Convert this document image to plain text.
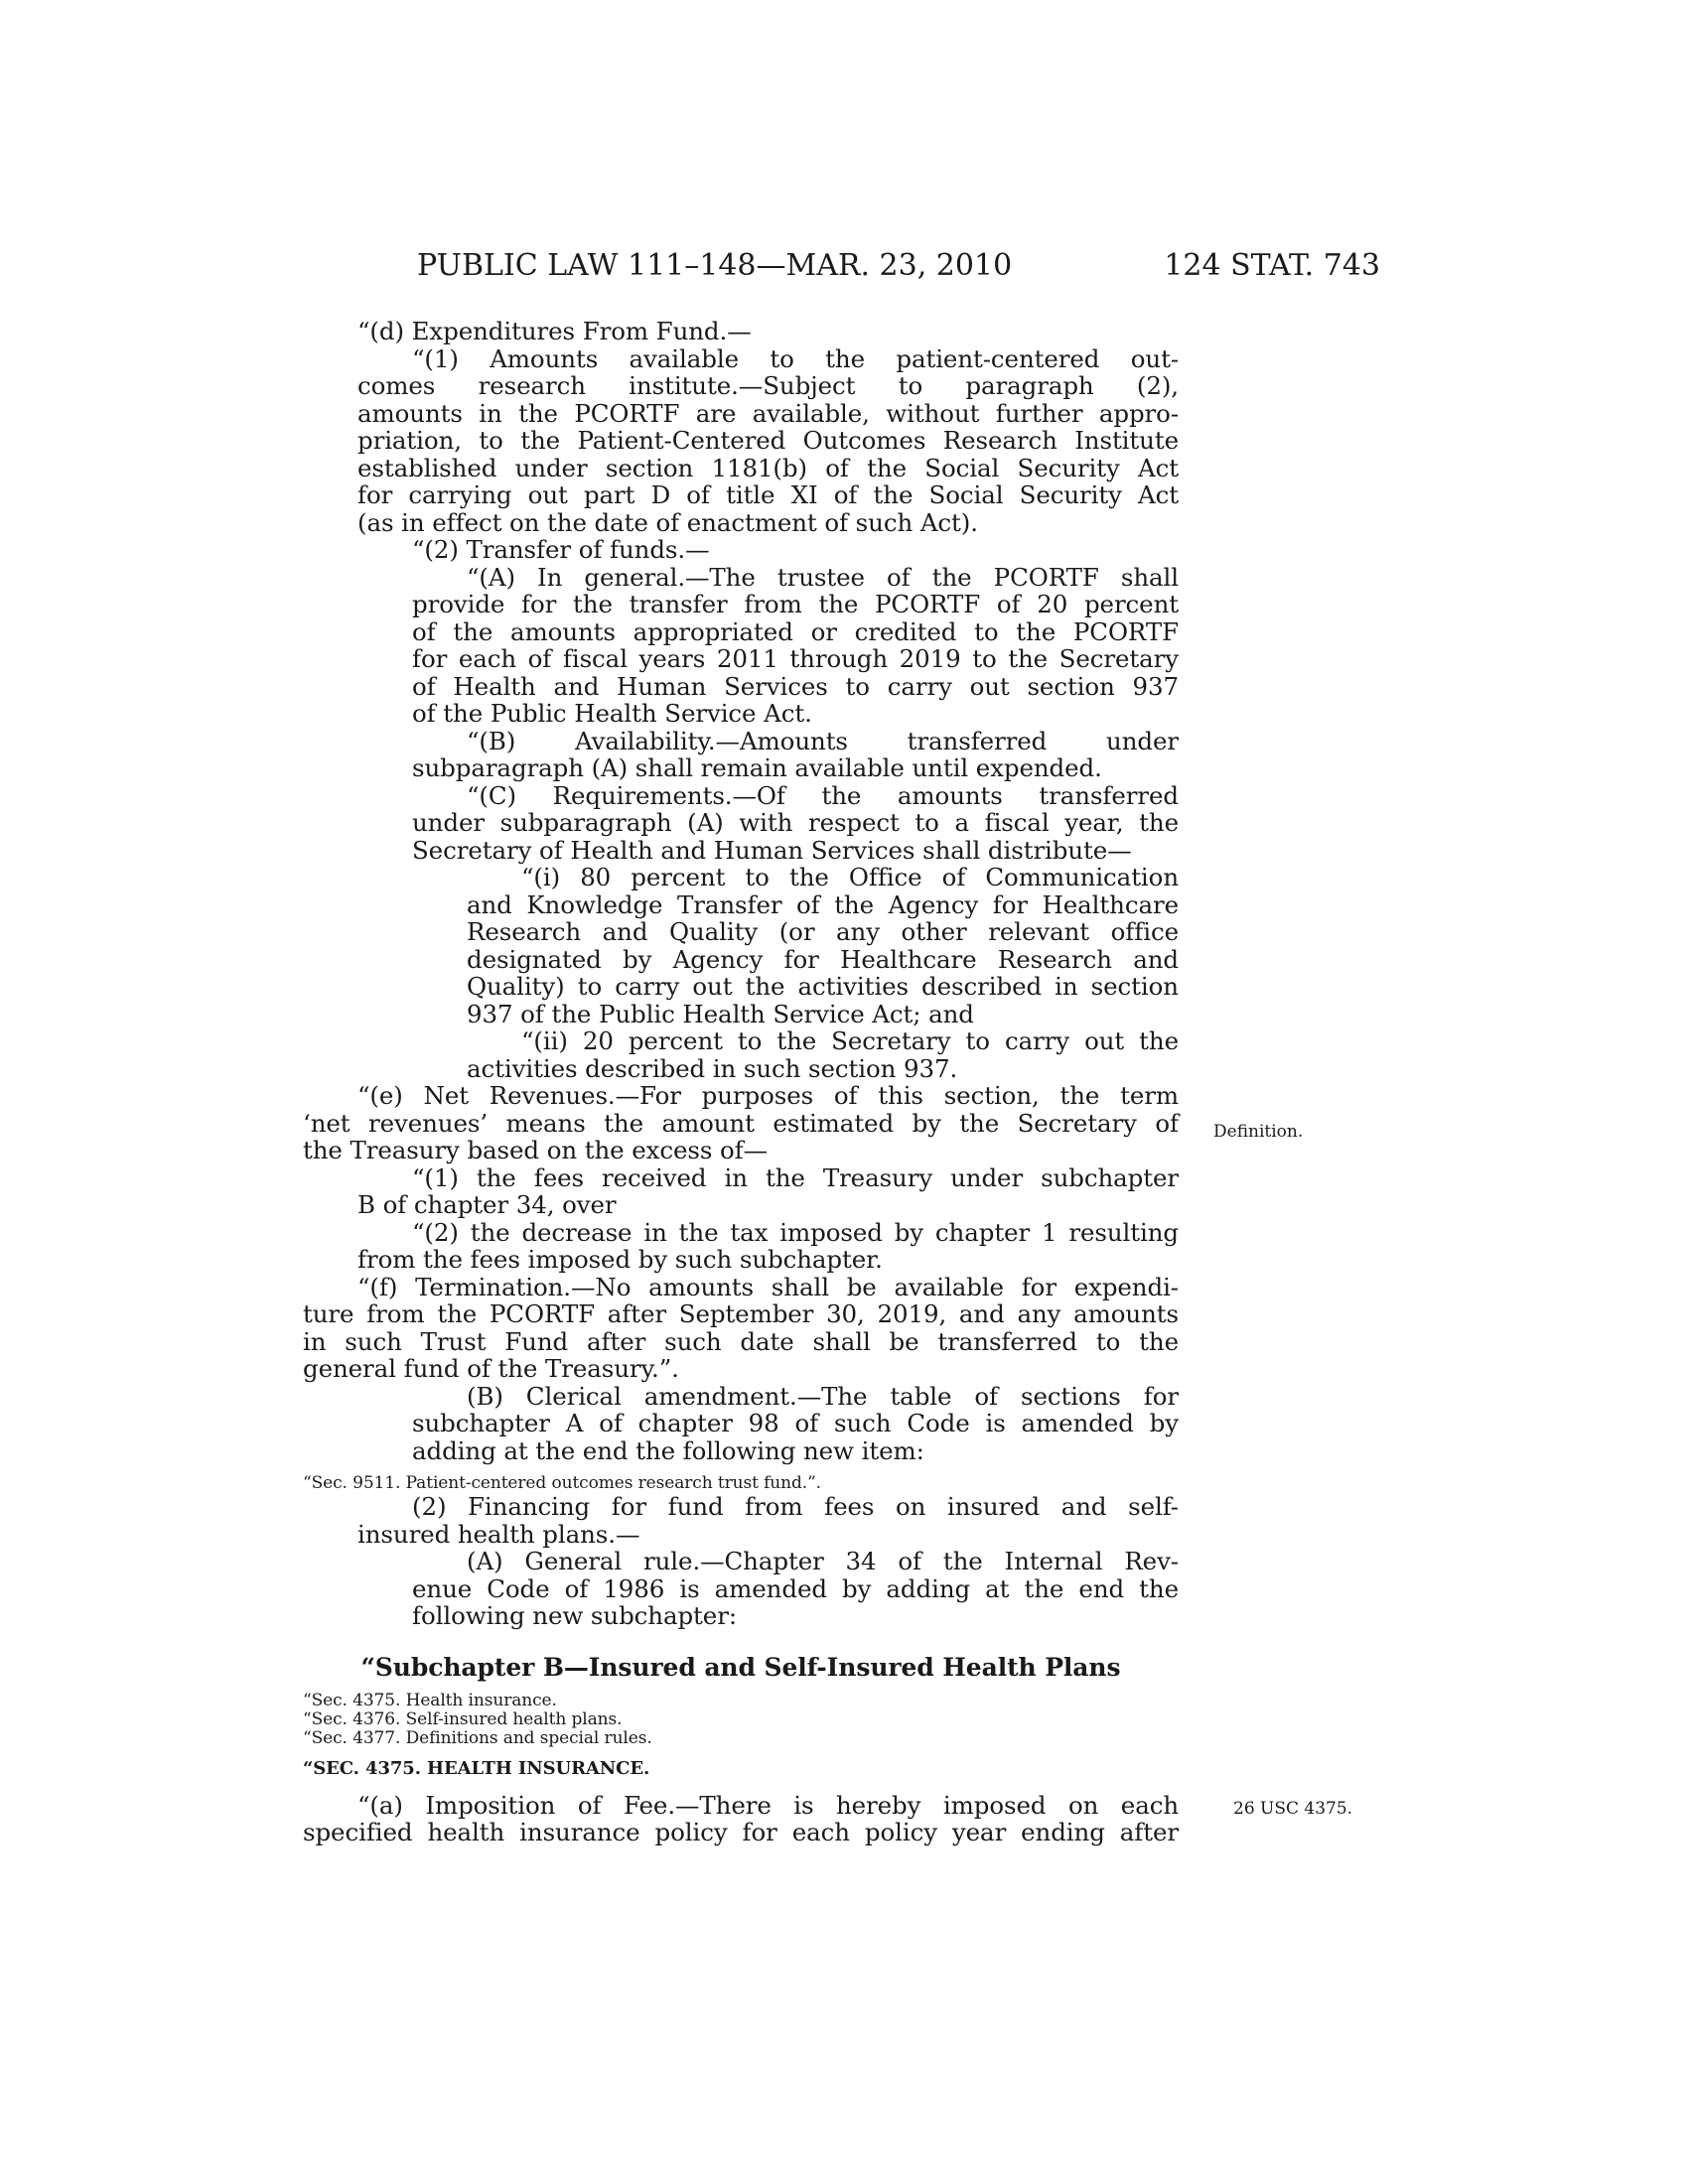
PUBLIC LAW 111–148—MAR. 23, 2010	124 STAT. 743
“(d) Expenditures From Fund.—
“(1) Amounts available to the patient-centered out-
comes research institute.—Subject to paragraph (2),
amounts in the PCORTF are available, without further appro-
priation, to the Patient-Centered Outcomes Research Institute
established under section 1181(b) of the Social Security Act
for carrying out part D of title XI of the Social Security Act
(as in effect on the date of enactment of such Act).
“(2) Transfer of funds.—
“(A) In general.—The trustee of the PCORTF shall
provide for the transfer from the PCORTF of 20 percent
of the amounts appropriated or credited to the PCORTF
for each of fiscal years 2011 through 2019 to the Secretary
of Health and Human Services to carry out section 937
of the Public Health Service Act.
“(B) Availability.—Amounts transferred under
subparagraph (A) shall remain available until expended.
“(C) Requirements.—Of the amounts transferred
under subparagraph (A) with respect to a fiscal year, the
Secretary of Health and Human Services shall distribute—
“(i) 80 percent to the Office of Communication
and Knowledge Transfer of the Agency for Healthcare
Research and Quality (or any other relevant office
designated by Agency for Healthcare Research and
Quality) to carry out the activities described in section
937 of the Public Health Service Act; and
“(ii) 20 percent to the Secretary to carry out the
activities described in such section 937.
“(e) Net Revenues.—For purposes of this section, the term
‘net revenues’ means the amount estimated by the Secretary of
the Treasury based on the excess of—
“(1) the fees received in the Treasury under subchapter
B of chapter 34, over
“(2) the decrease in the tax imposed by chapter 1 resulting
from the fees imposed by such subchapter.
“(f) Termination.—No amounts shall be available for expendi-
ture from the PCORTF after September 30, 2019, and any amounts
in such Trust Fund after such date shall be transferred to the
general fund of the Treasury.”.
(B) Clerical amendment.—The table of sections for
subchapter A of chapter 98 of such Code is amended by
adding at the end the following new item:
“Sec. 9511. Patient-centered outcomes research trust fund.”.
(2) Financing for fund from fees on insured and self-
insured health plans.—
(A) General rule.—Chapter 34 of the Internal Rev-
enue Code of 1986 is amended by adding at the end the
following new subchapter:
“Subchapter B—Insured and Self-Insured Health Plans
“Sec. 4375. Health insurance.
“Sec. 4376. Self-insured health plans.
“Sec. 4377. Definitions and special rules.
“SEC. 4375. HEALTH INSURANCE.
“(a) Imposition of Fee.—There is hereby imposed on each
specified health insurance policy for each policy year ending after
Definition.
26 USC 4375.
